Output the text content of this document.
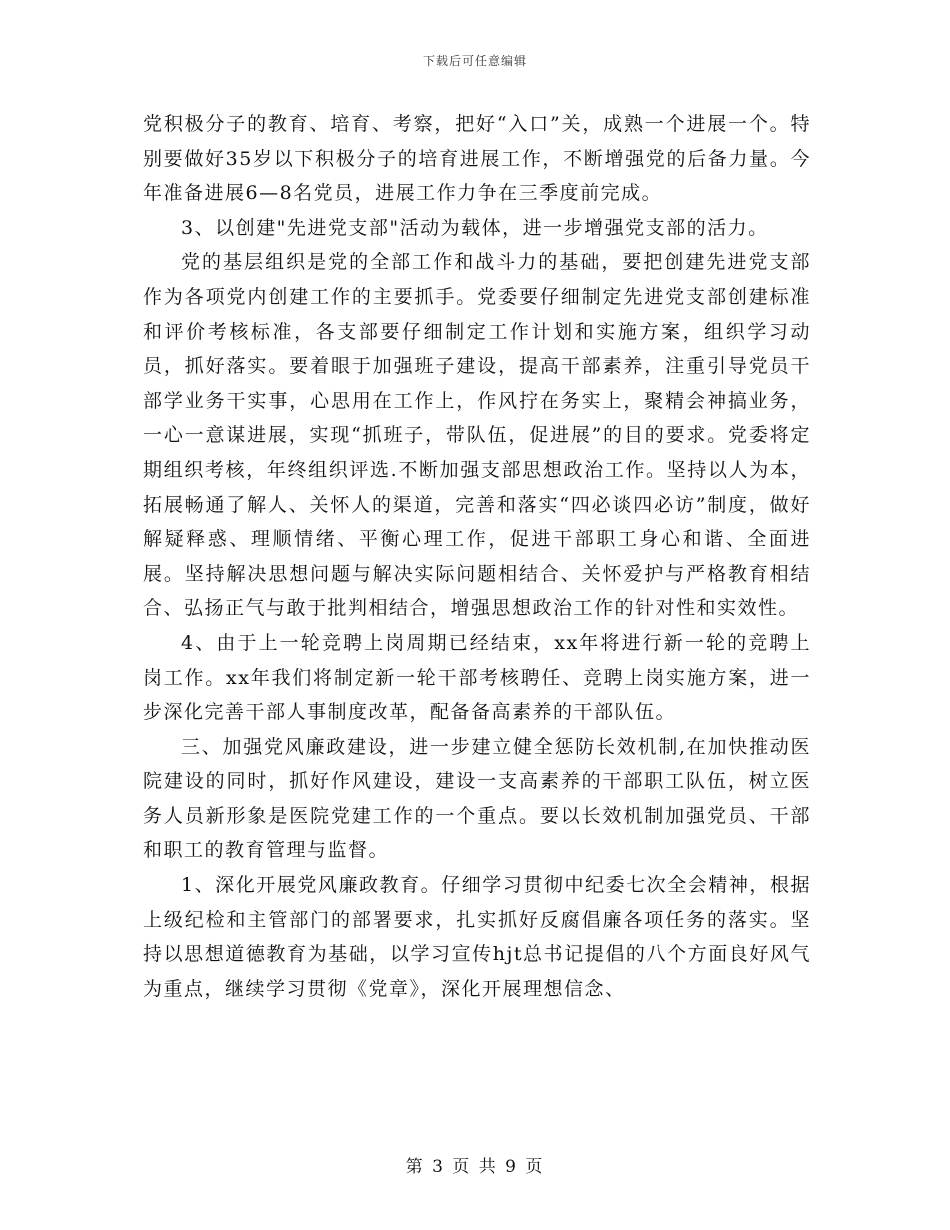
下载后可任意编辑

党积极分子的教育、培育、考察，把好“入口”关，成熟一个进展一个。特别要做好35岁以下积极分子的培育进展工作，不断增强党的后备力量。今年准备进展6—8名党员，进展工作力争在三季度前完成。

3、以创建"先进党支部"活动为载体，进一步增强党支部的活力。

党的基层组织是党的全部工作和战斗力的基础，要把创建先进党支部作为各项党内创建工作的主要抓手。党委要仔细制定先进党支部创建标准和评价考核标准，各支部要仔细制定工作计划和实施方案，组织学习动员，抓好落实。要着眼于加强班子建设，提高干部素养，注重引导党员干部学业务干实事，心思用在工作上，作风拧在务实上，聚精会神搞业务，一心一意谋进展，实现“抓班子，带队伍，促进展”的目的要求。党委将定期组织考核，年终组织评选.不断加强支部思想政治工作。坚持以人为本，拓展畅通了解人、关怀人的渠道，完善和落实“四必谈四必访”制度，做好解疑释惑、理顺情绪、平衡心理工作，促进干部职工身心和谐、全面进展。坚持解决思想问题与解决实际问题相结合、关怀爱护与严格教育相结合、弘扬正气与敢于批判相结合，增强思想政治工作的针对性和实效性。

4、由于上一轮竞聘上岗周期已经结束，xx年将进行新一轮的竞聘上岗工作。xx年我们将制定新一轮干部考核聘任、竞聘上岗实施方案，进一步深化完善干部人事制度改革，配备备高素养的干部队伍。

三、加强党风廉政建设，进一步建立健全惩防长效机制,在加快推动医院建设的同时，抓好作风建设，建设一支高素养的干部职工队伍，树立医务人员新形象是医院党建工作的一个重点。要以长效机制加强党员、干部和职工的教育管理与监督。

1、深化开展党风廉政教育。仔细学习贯彻中纪委七次全会精神，根据上级纪检和主管部门的部署要求，扎实抓好反腐倡廉各项任务的落实。坚持以思想道德教育为基础，以学习宣传hjt总书记提倡的八个方面良好风气为重点，继续学习贯彻《党章》，深化开展理想信念、

第 3 页 共 9 页
